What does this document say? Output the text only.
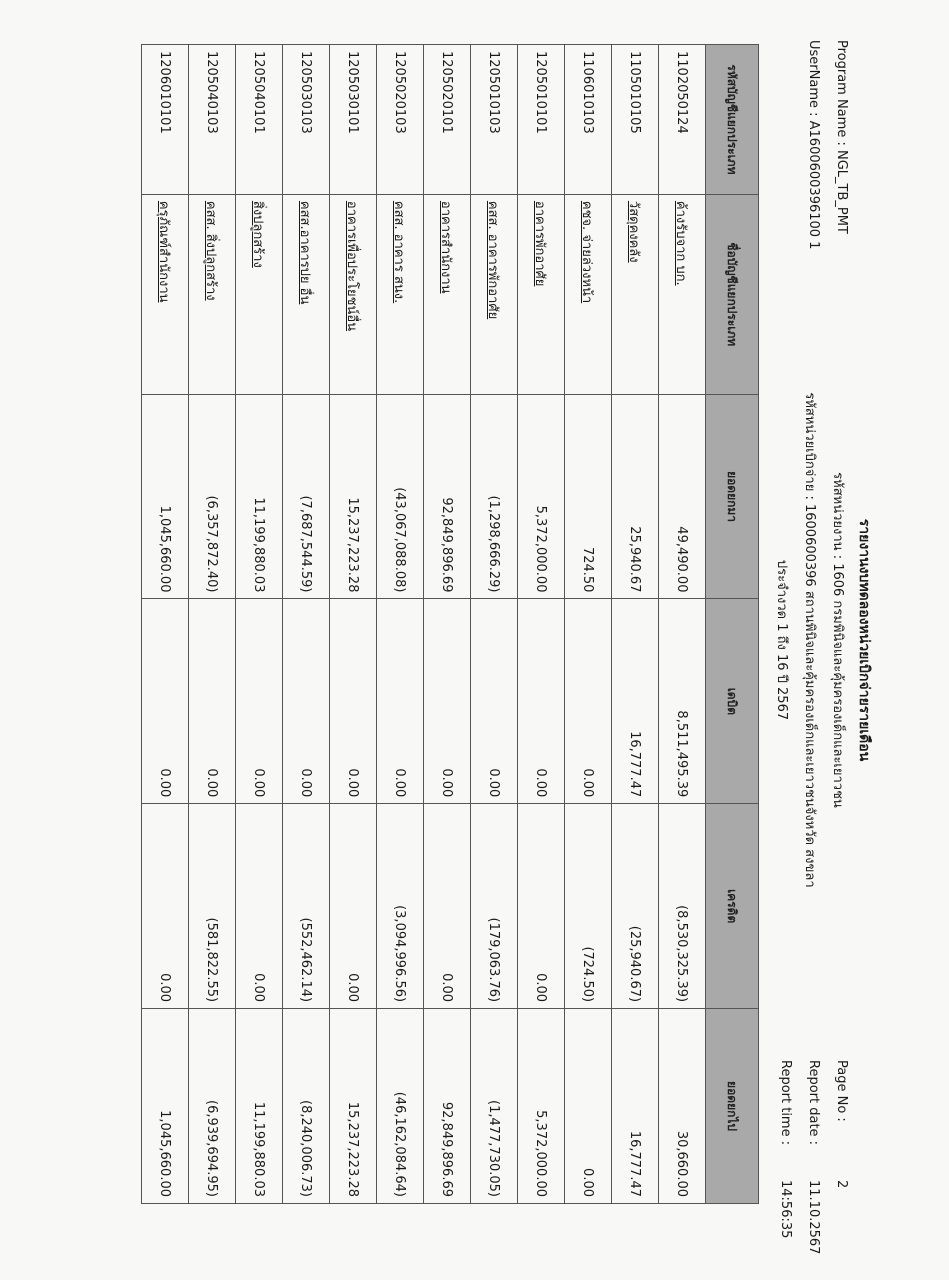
รายงานงบทดลองหน่วยเบิกจ่ายรายเดือน
Program Name : NGL_TB_PMT
รหัสหน่วยงาน : 1606 กรมพินิจและคุ้มครองเด็กและเยาวชน
Page No :
2
UserName : A1600600396100 1
รหัสหน่วยเบิกจ่าย : 1600600396 สถานพินิจและคุ้มครองเด็กและเยาวชนจังหวัด สงขลา
Report date :
11.10.2567
ประจำงวด 1 ถึง 16 ปี 2567
Report time :
14:56:35
รหัสบัญชีแยกประเภท	ชื่อบัญชีแยกประเภท	ยอดยกมา	เดบิต	เครดิต	ยอดยกไป
1102050124	ค้างรับจาก บก.	49,490.00	8,511,495.39	(8,530,325.39)	30,660.00
1105010105	วัสดุคงคลัง	25,940.67	16,777.47	(25,940.67)	16,777.47
1106010103	คชจ. จ่ายล่วงหน้า	724.50	0.00	(724.50)	0.00
1205010101	อาคารพักอาศัย	5,372,000.00	0.00	0.00	5,372,000.00
1205010103	คสส. อาคารพักอาศัย	(1,298,666.29)	0.00	(179,063.76)	(1,477,730.05)
1205020101	อาคารสำนักงาน	92,849,896.69	0.00	0.00	92,849,896.69
1205020103	คสส. อาคาร สนง.	(43,067,088.08)	0.00	(3,094,996.56)	(46,162,084.64)
1205030101	อาคารเพื่อประโยชน์อื่น	15,237,223.28	0.00	0.00	15,237,223.28
1205030103	คสส.อาคารปย อื่น	(7,687,544.59)	0.00	(552,462.14)	(8,240,006.73)
1205040101	สิ่งปลูกสร้าง	11,199,880.03	0.00	0.00	11,199,880.03
1205040103	คสส. สิ่งปลูกสร้าง	(6,357,872.40)	0.00	(581,822.55)	(6,939,694.95)
1206010101	ครุภัณฑ์สำนักงาน	1,045,660.00	0.00	0.00	1,045,660.00
